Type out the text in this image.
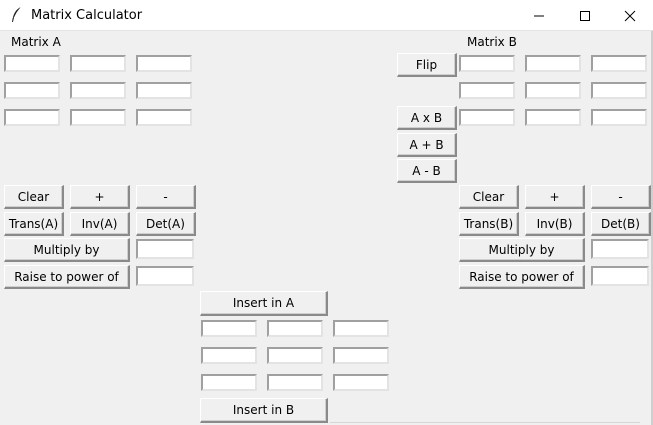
Matrix Calculator
Matrix A
Clear	+	-
Trans(A)	Inv(A)	Det(A)
Multiply by
Raise to power of
Flip
A x B
A + B
A - B
Matrix B
Clear	+	-
Trans(B)	Inv(B)	Det(B)
Multiply by
Raise to power of
Insert in A
Insert in B
